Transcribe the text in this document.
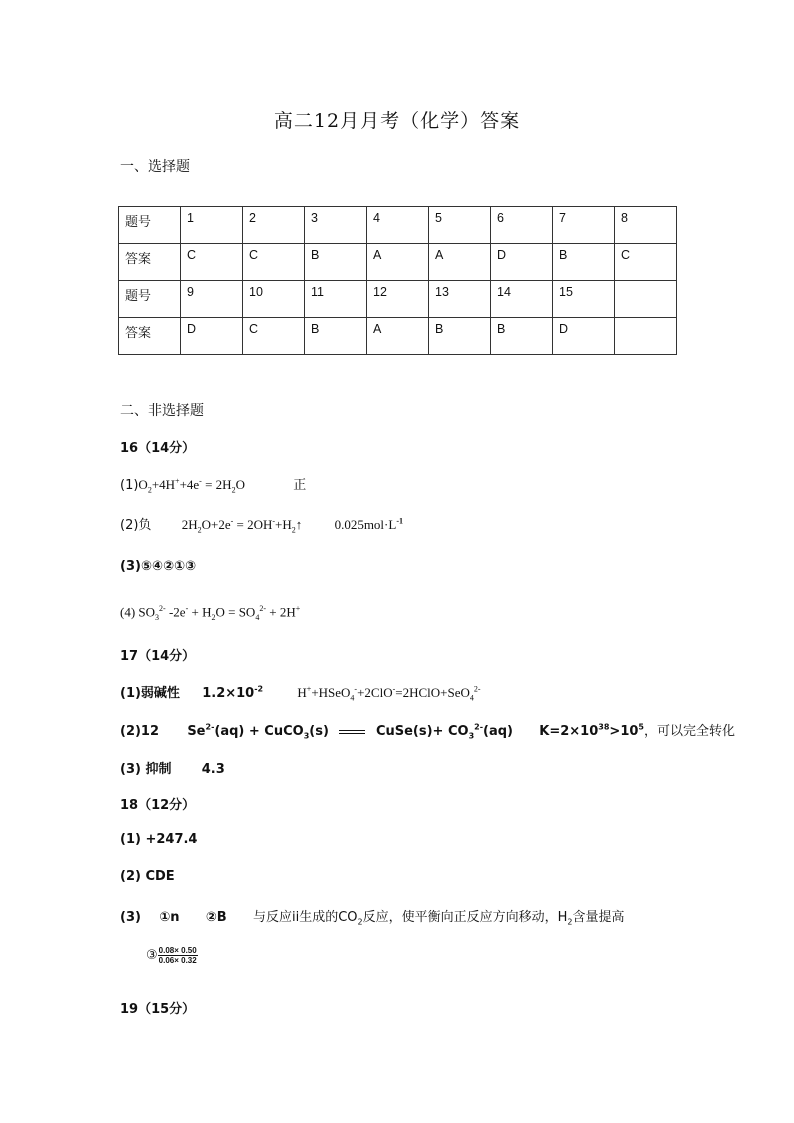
高二12月月考（化学）答案
一、选择题
题号	1	2	3	4	5	6	7	8
答案	C	C	B	A	A	D	B	C
题号	9	10	11	12	13	14	15	
答案	D	C	B	A	B	B	D	
二、非选择题
16（14分）
$(1)O_2+4H^++4e^- = 2H_2O$	正
(2)负 $2H_2O+2e^-$ = $2OH^-+H_2↑$ $0.025mol\cdot L^{-1}$
(3)⑤④②①③
(4) $SO_3^{2-}$ $-2e^- + H_2O = SO_4^{2-} + 2H^+$
17（14分）
(1)弱碱性 $1.2\times 10^{-2}$	H++HSeO$_4$-+2ClO-=2HClO+SeO$_4^{2-}$
(2)12 $Se^{2-}(aq)$ + CuCO$_3$(s)	CuSe(s)+ $CO_3^{2-}(aq)$ $K=2\times 10^{38}>10^5$，可以完全转化
(3) 抑制 4.3
18（12分）
(1) +247.4
(2) CDE
(3) ①n ②B 与反应ii生成的$CO_2$反应，使平衡向正反应方向移动，$H_2$含量提高
③ $\frac{0.08\times 0.50}{0.06\times 0.32}$
19（15分）
